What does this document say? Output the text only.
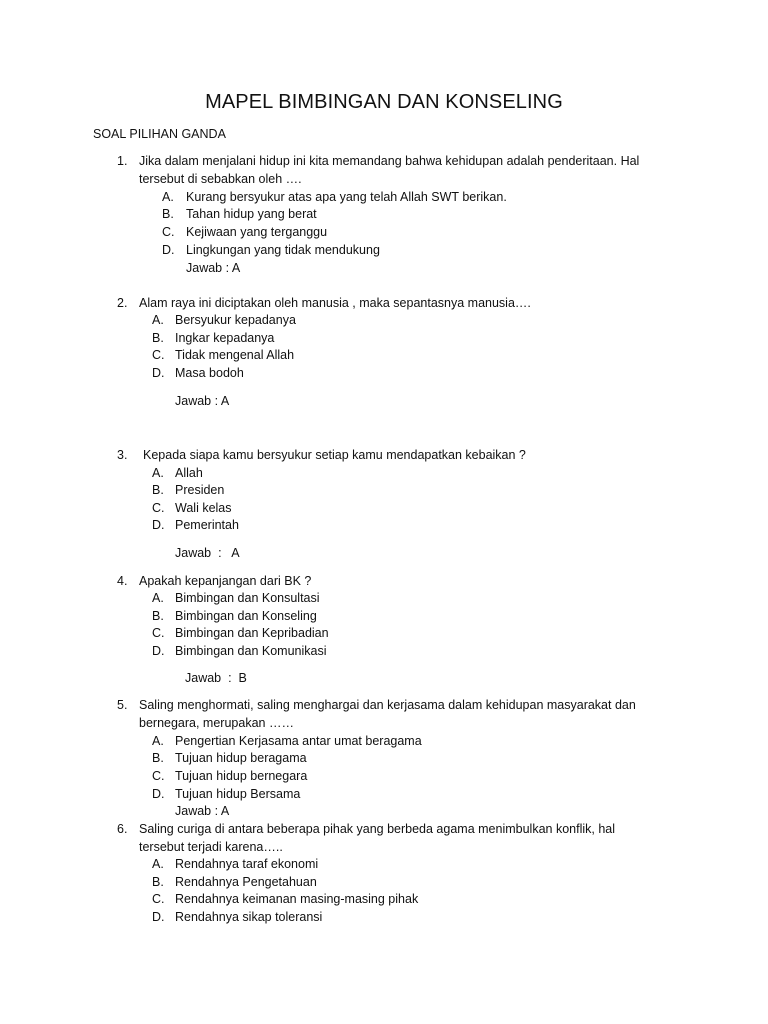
MAPEL BIMBINGAN DAN KONSELING
SOAL PILIHAN GANDA
1. Jika dalam menjalani hidup ini kita memandang bahwa kehidupan adalah penderitaan. Hal
tersebut di sebabkan oleh ….
A. Kurang bersyukur atas apa yang telah Allah SWT berikan.
B. Tahan hidup yang berat
C. Kejiwaan yang terganggu
D. Lingkungan yang tidak mendukung
Jawab : A
2. Alam raya ini diciptakan oleh manusia , maka sepantasnya manusia….
A. Bersyukur kepadanya
B. Ingkar kepadanya
C. Tidak mengenal Allah
D. Masa bodoh
Jawab : A
3. Kepada siapa kamu bersyukur setiap kamu mendapatkan kebaikan ?
A. Allah
B. Presiden
C. Wali kelas
D. Pemerintah
Jawab  :   A
4. Apakah kepanjangan dari BK ?
A. Bimbingan dan Konsultasi
B. Bimbingan dan Konseling
C. Bimbingan dan Kepribadian
D. Bimbingan dan Komunikasi
Jawab  :  B
5. Saling menghormati, saling menghargai dan kerjasama dalam kehidupan masyarakat dan
bernegara, merupakan ……
A. Pengertian Kerjasama antar umat beragama
B. Tujuan hidup beragama
C. Tujuan hidup bernegara
D. Tujuan hidup Bersama
Jawab : A
6. Saling curiga di antara beberapa pihak yang berbeda agama menimbulkan konflik, hal
tersebut terjadi karena…..
A. Rendahnya taraf ekonomi
B. Rendahnya Pengetahuan
C. Rendahnya keimanan masing-masing pihak
D. Rendahnya sikap toleransi
